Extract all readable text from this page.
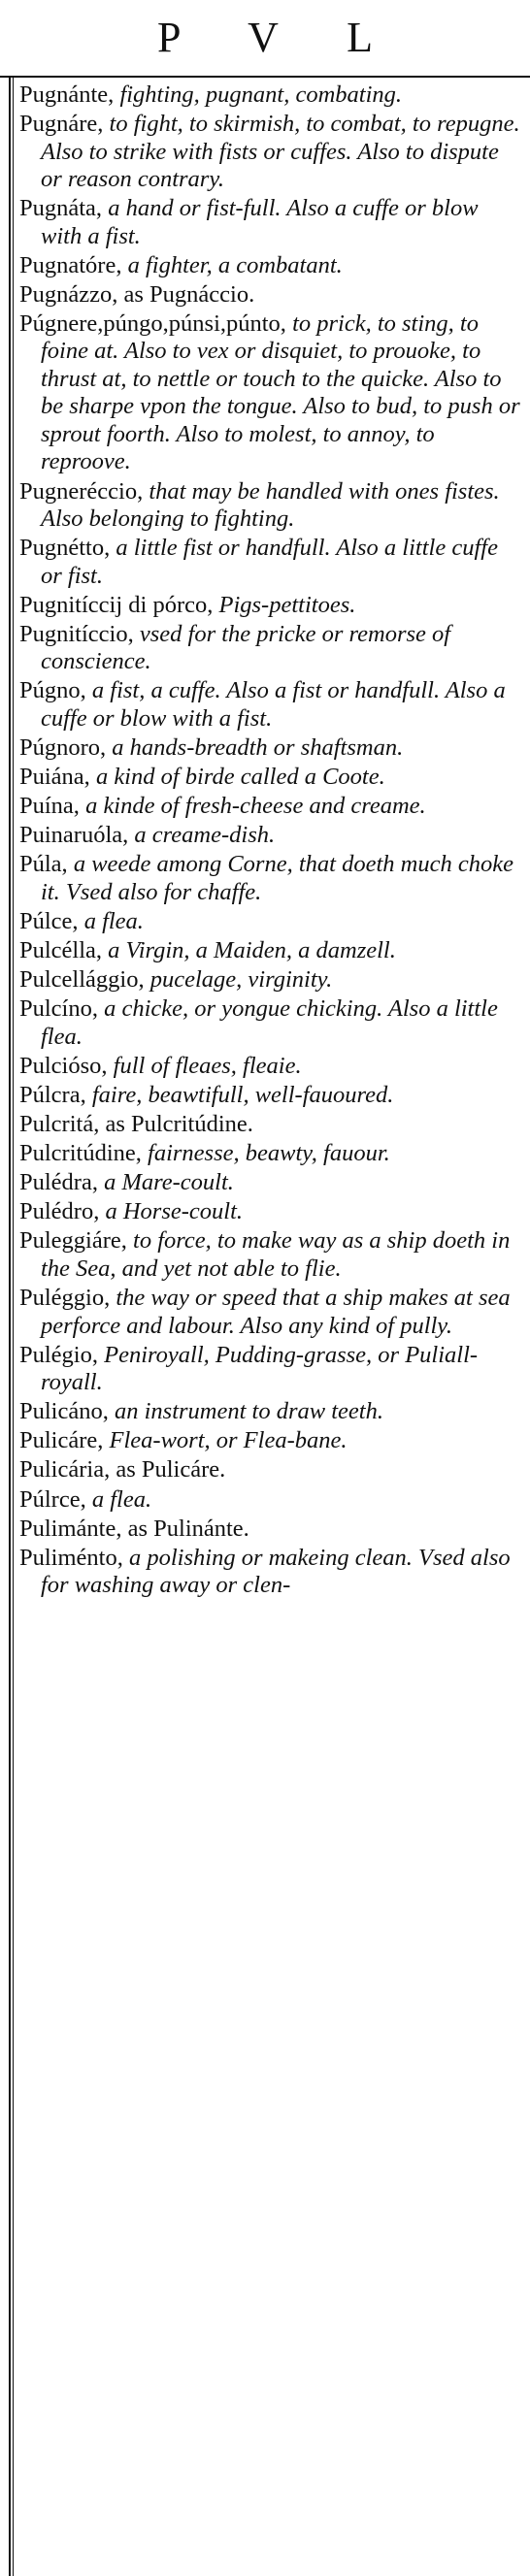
P V L

Pugnánte, fighting, pugnant, combating.

Pugnáre, to fight, to skirmish, to combat, to repugne. Also to strike with fists or cuffes. Also to dispute or reason contrary.

Pugnáta, a hand or fist-full. Also a cuffe or blow with a fist.

Pugnatóre, a fighter, a combatant.

Pugnázzo, as Pugnáccio.

Púgnere,púngo,púnsi,púnto, to prick, to sting, to foine at. Also to vex or disquiet, to prouoke, to thrust at, to nettle or touch to the quicke. Also to be sharpe vpon the tongue. Also to bud, to push or sprout foorth. Also to molest, to annoy, to reproove.

Pugneréccio, that may be handled with ones fistes. Also belonging to fighting.

Pugnétto, a little fist or handfull. Also a little cuffe or fist.

Pugnitíccij di pórco, Pigs-pettitoes.

Pugnitíccio, vsed for the pricke or remorse of conscience.

Púgno, a fist, a cuffe. Also a fist or handfull. Also a cuffe or blow with a fist.

Púgnoro, a hands-breadth or shaftsman.

Puiána, a kind of birde called a Coote.

Puína, a kinde of fresh-cheese and creame.

Puinaruóla, a creame-dish.

Púla, a weede among Corne, that doeth much choke it. Vsed also for chaffe.

Púlce, a flea.

Pulcélla, a Virgin, a Maiden, a damzell.

Pulcellággio, pucelage, virginity.

Pulcíno, a chicke, or yongue chicking. Also a little flea.

Pulcióso, full of fleaes, fleaie.

Púlcra, faire, beawtifull, well-fauoured.

Pulcritá, as Pulcritúdine.

Pulcritúdine, fairnesse, beawty, fauour.

Pulédra, a Mare-coult.

Pulédro, a Horse-coult.

Puleggiáre, to force, to make way as a ship doeth in the Sea, and yet not able to flie.

Puléggio, the way or speed that a ship makes at sea perforce and labour. Also any kind of pully.

Pulégio, Peniroyall, Pudding-grasse, or Puliall-royall.

Pulicáno, an instrument to draw teeth.

Pulicáre, Flea-wort, or Flea-bane.

Pulicária, as Pulicáre.

Púlrce, a flea.

Pulimánte, as Pulinánte.

Puliménto, a polishing or makeing clean. Vsed also for washing away or clen-
